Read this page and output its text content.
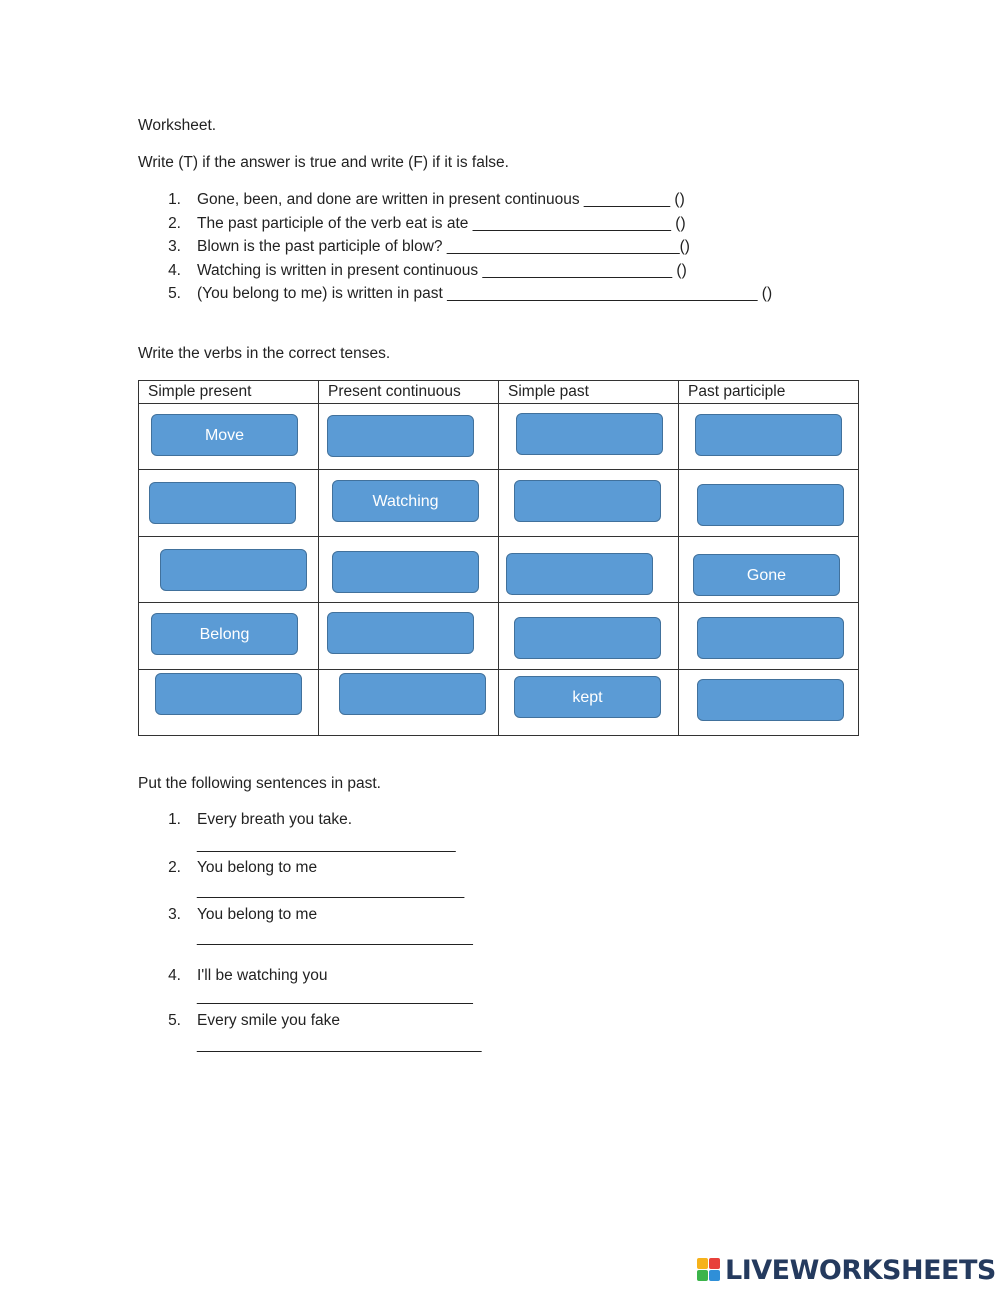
Worksheet.
Write (T) if the answer is true and write (F) if it is false.
1. Gone, been, and done are written in present continuous __________ ()
2. The past participle of the verb eat is ate _______________________ ()
3. Blown is the past participle of blow? ___________________________()
4. Watching is written in present continuous ______________________ ()
5. (You belong to me) is written in past ____________________________________ ()
Write the verbs in the correct tenses.
Simple present	Present continuous	Simple past	Past participle

Move			

	Watching		

			Gone

Belong			

		kept	

Put the following sentences in past.
1. Every breath you take.
______________________________
2. You belong to me
_______________________________
3. You belong to me
________________________________
4. I'll be watching you
________________________________
5. Every smile you fake
_________________________________
LIVEWORKSHEETS
